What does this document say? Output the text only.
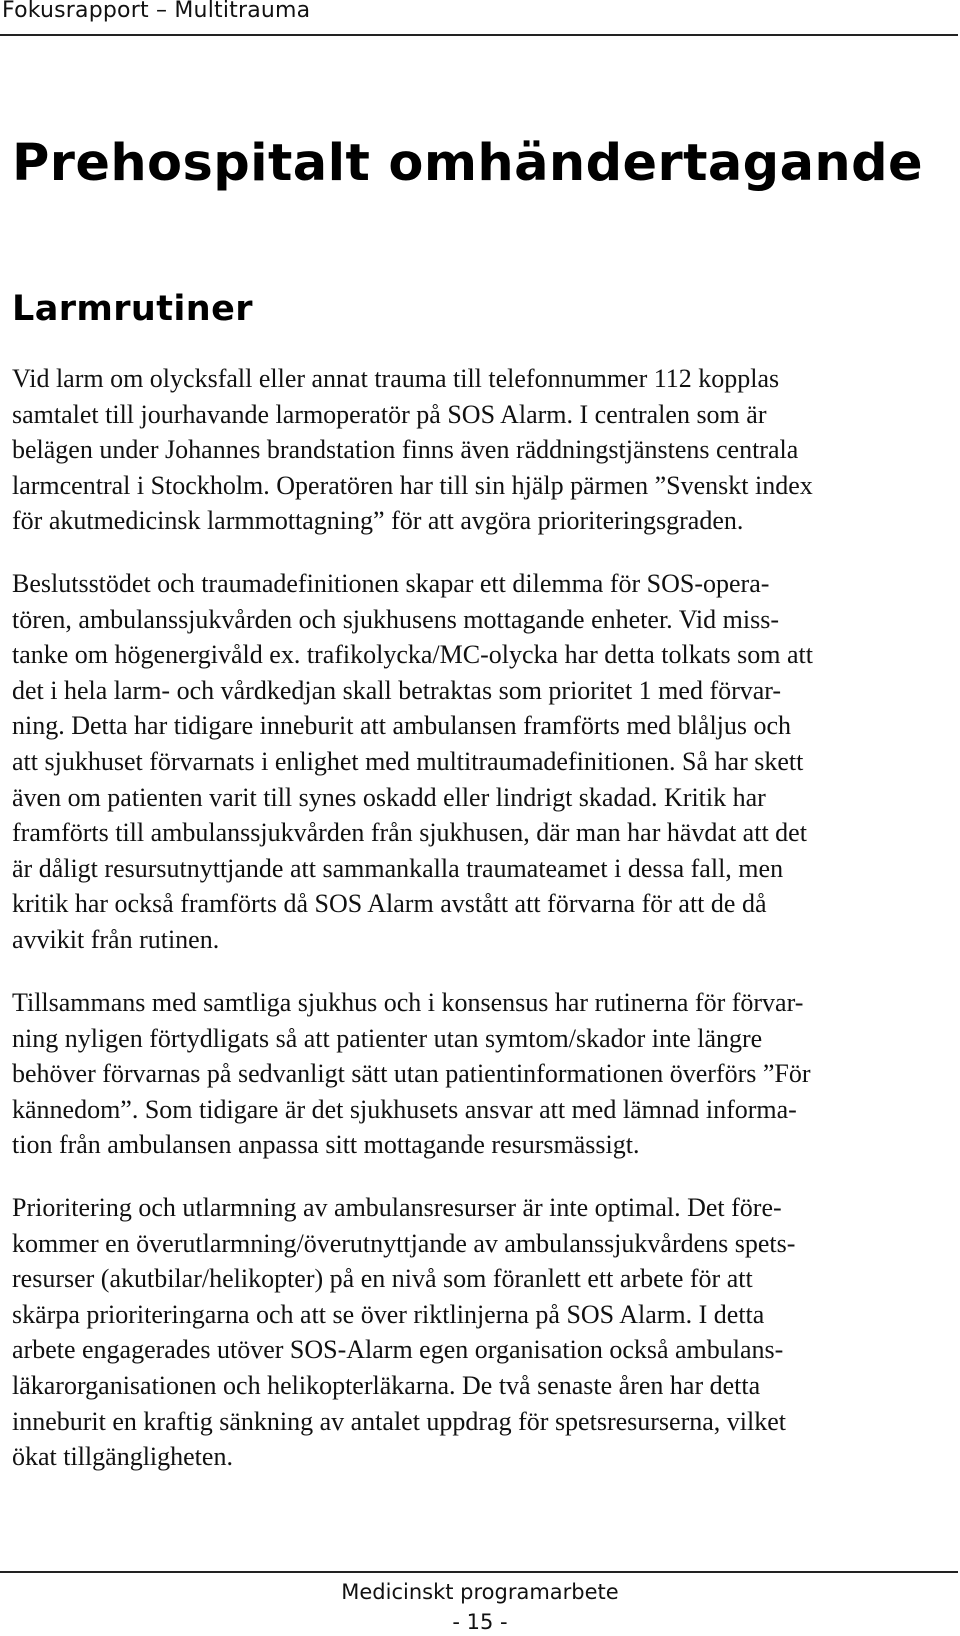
Fokusrapport – Multitrauma
Prehospitalt omhändertagande
Larmrutiner
Vid larm om olycksfall eller annat trauma till telefonnummer 112 kopplas
samtalet till jourhavande larmoperatör på SOS Alarm. I centralen som är
belägen under Johannes brandstation finns även räddningstjänstens centrala
larmcentral i Stockholm. Operatören har till sin hjälp pärmen ”Svenskt index
för akutmedicinsk larmmottagning” för att avgöra prioriteringsgraden.
Beslutsstödet och traumadefinitionen skapar ett dilemma för SOS-opera-
tören, ambulanssjukvården och sjukhusens mottagande enheter. Vid miss-
tanke om högenergivåld ex. trafikolycka/MC-olycka har detta tolkats som att
det i hela larm- och vårdkedjan skall betraktas som prioritet 1 med förvar-
ning. Detta har tidigare inneburit att ambulansen framförts med blåljus och
att sjukhuset förvarnats i enlighet med multitraumadefinitionen. Så har skett
även om patienten varit till synes oskadd eller lindrigt skadad. Kritik har
framförts till ambulanssjukvården från sjukhusen, där man har hävdat att det
är dåligt resursutnyttjande att sammankalla traumateamet i dessa fall, men
kritik har också framförts då SOS Alarm avstått att förvarna för att de då
avvikit från rutinen.
Tillsammans med samtliga sjukhus och i konsensus har rutinerna för förvar-
ning nyligen förtydligats så att patienter utan symtom/skador inte längre
behöver förvarnas på sedvanligt sätt utan patientinformationen överförs ”För
kännedom”. Som tidigare är det sjukhusets ansvar att med lämnad informa-
tion från ambulansen anpassa sitt mottagande resursmässigt.
Prioritering och utlarmning av ambulansresurser är inte optimal. Det före-
kommer en överutlarmning/överutnyttjande av ambulanssjukvårdens spets-
resurser (akutbilar/helikopter) på en nivå som föranlett ett arbete för att
skärpa prioriteringarna och att se över riktlinjerna på SOS Alarm. I detta
arbete engagerades utöver SOS-Alarm egen organisation också ambulans-
läkarorganisationen och helikopterläkarna. De två senaste åren har detta
inneburit en kraftig sänkning av antalet uppdrag för spetsresurserna, vilket
ökat tillgängligheten.
Medicinskt programarbete
- 15 -
